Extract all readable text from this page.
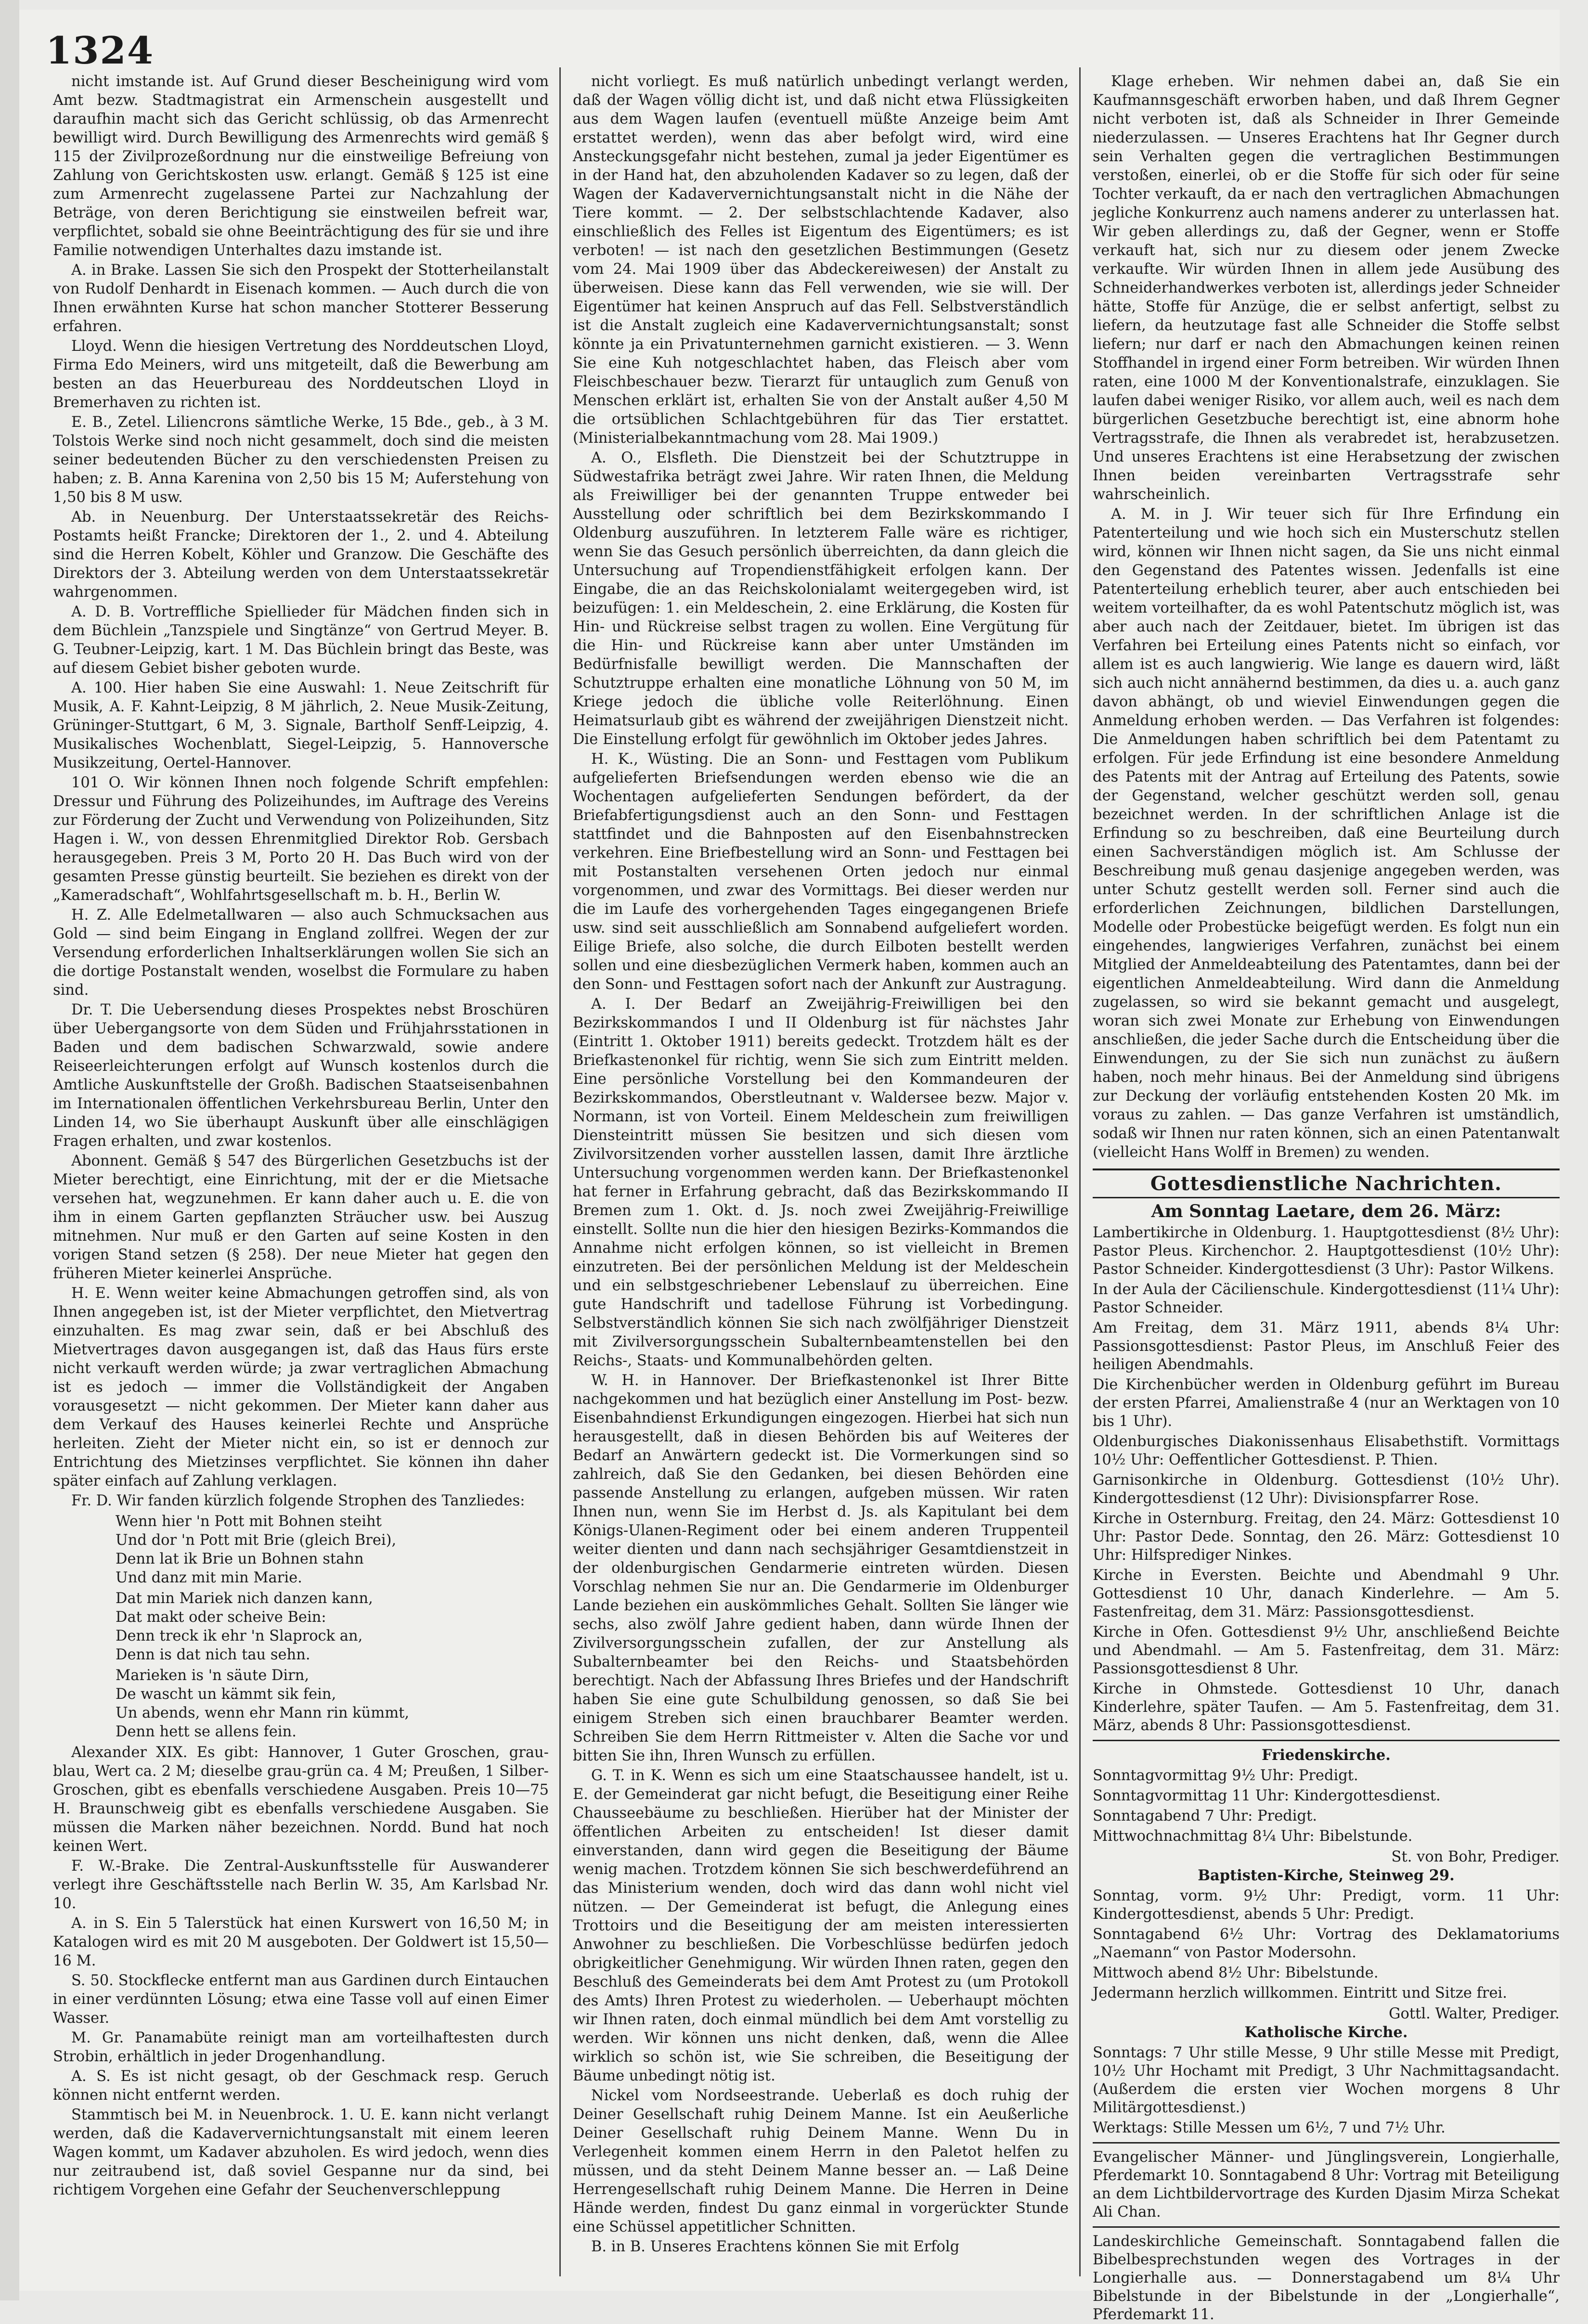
1324

nicht imstande ist. Auf Grund dieser Bescheinigung wird vom Amt bezw. Stadtmagistrat ein Armenschein ausgestellt und daraufhin macht sich das Gericht schlüssig, ob das Armenrecht bewilligt wird. Durch Bewilligung des Armenrechts wird gemäß § 115 der Zivilprozeßordnung nur die einstweilige Befreiung von Zahlung von Gerichtskosten usw. erlangt. Gemäß § 125 ist eine zum Armenrecht zugelassene Partei zur Nachzahlung der Beträge, von deren Berichtigung sie einstweilen befreit war, verpflichtet, sobald sie ohne Beeinträchtigung des für sie und ihre Familie notwendigen Unterhaltes dazu imstande ist.

A. in Brake. Lassen Sie sich den Prospekt der Stotterheilanstalt von Rudolf Denhardt in Eisenach kommen. — Auch durch die von Ihnen erwähnten Kurse hat schon mancher Stotterer Besserung erfahren.

Lloyd. Wenn die hiesigen Vertretung des Norddeutschen Lloyd, Firma Edo Meiners, wird uns mitgeteilt, daß die Bewerbung am besten an das Heuerbureau des Norddeutschen Lloyd in Bremerhaven zu richten ist.

E. B., Zetel. Liliencrons sämtliche Werke, 15 Bde., geb., à 3 M. Tolstois Werke sind noch nicht gesammelt, doch sind die meisten seiner bedeutenden Bücher zu den verschiedensten Preisen zu haben; z. B. Anna Karenina von 2,50 bis 15 M; Auferstehung von 1,50 bis 8 M usw.

Ab. in Neuenburg. Der Unterstaatssekretär des Reichs-Postamts heißt Francke; Direktoren der 1., 2. und 4. Abteilung sind die Herren Kobelt, Köhler und Granzow. Die Geschäfte des Direktors der 3. Abteilung werden von dem Unterstaatssekretär wahrgenommen.

A. D. B. Vortreffliche Spiellieder für Mädchen finden sich in dem Büchlein „Tanzspiele und Singtänze“ von Gertrud Meyer. B. G. Teubner-Leipzig, kart. 1 M. Das Büchlein bringt das Beste, was auf diesem Gebiet bisher geboten wurde.

A. 100. Hier haben Sie eine Auswahl: 1. Neue Zeitschrift für Musik, A. F. Kahnt-Leipzig, 8 M jährlich, 2. Neue Musik-Zeitung, Grüninger-Stuttgart, 6 M, 3. Signale, Bartholf Senff-Leipzig, 4. Musikalisches Wochenblatt, Siegel-Leipzig, 5. Hannoversche Musikzeitung, Oertel-Hannover.

101 O. Wir können Ihnen noch folgende Schrift empfehlen: Dressur und Führung des Polizeihundes, im Auftrage des Vereins zur Förderung der Zucht und Verwendung von Polizeihunden, Sitz Hagen i. W., von dessen Ehrenmitglied Direktor Rob. Gersbach herausgegeben. Preis 3 M, Porto 20 H. Das Buch wird von der gesamten Presse günstig beurteilt. Sie beziehen es direkt von der „Kameradschaft“, Wohlfahrtsgesellschaft m. b. H., Berlin W.

H. Z. Alle Edelmetallwaren — also auch Schmucksachen aus Gold — sind beim Eingang in England zollfrei. Wegen der zur Versendung erforderlichen Inhaltserklärungen wollen Sie sich an die dortige Postanstalt wenden, woselbst die Formulare zu haben sind.

Dr. T. Die Uebersendung dieses Prospektes nebst Broschüren über Uebergangsorte von dem Süden und Frühjahrsstationen in Baden und dem badischen Schwarzwald, sowie andere Reiseerleichterungen erfolgt auf Wunsch kostenlos durch die Amtliche Auskunftstelle der Großh. Badischen Staatseisenbahnen im Internationalen öffentlichen Verkehrsbureau Berlin, Unter den Linden 14, wo Sie überhaupt Auskunft über alle einschlägigen Fragen erhalten, und zwar kostenlos.

Abonnent. Gemäß § 547 des Bürgerlichen Gesetzbuchs ist der Mieter berechtigt, eine Einrichtung, mit der er die Mietsache versehen hat, wegzunehmen. Er kann daher auch u. E. die von ihm in einem Garten gepflanzten Sträucher usw. bei Auszug mitnehmen. Nur muß er den Garten auf seine Kosten in den vorigen Stand setzen (§ 258). Der neue Mieter hat gegen den früheren Mieter keinerlei Ansprüche.

H. E. Wenn weiter keine Abmachungen getroffen sind, als von Ihnen angegeben ist, ist der Mieter verpflichtet, den Mietvertrag einzuhalten. Es mag zwar sein, daß er bei Abschluß des Mietvertrages davon ausgegangen ist, daß das Haus fürs erste nicht verkauft werden würde; ja zwar vertraglichen Abmachung ist es jedoch — immer die Vollständigkeit der Angaben vorausgesetzt — nicht gekommen. Der Mieter kann daher aus dem Verkauf des Hauses keinerlei Rechte und Ansprüche herleiten. Zieht der Mieter nicht ein, so ist er dennoch zur Entrichtung des Mietzinses verpflichtet. Sie können ihn daher später einfach auf Zahlung verklagen.

Fr. D. Wir fanden kürzlich folgende Strophen des Tanzliedes:

Wenn hier 'n Pott mit Bohnen steiht
Und dor 'n Pott mit Brie (gleich Brei),
Denn lat ik Brie un Bohnen stahn
Und danz mit min Marie.
Dat min Mariek nich danzen kann,
Dat makt oder scheive Bein:
Denn treck ik ehr 'n Slaprock an,
Denn is dat nich tau sehn.
Marieken is 'n säute Dirn,
De wascht un kämmt sik fein,
Un abends, wenn ehr Mann rin kümmt,
Denn hett se allens fein.

Alexander XIX. Es gibt: Hannover, 1 Guter Groschen, grau-blau, Wert ca. 2 M; dieselbe grau-grün ca. 4 M; Preußen, 1 Silber-Groschen, gibt es ebenfalls verschiedene Ausgaben. Preis 10—75 H. Braunschweig gibt es ebenfalls verschiedene Ausgaben. Sie müssen die Marken näher bezeichnen. Nordd. Bund hat noch keinen Wert.

F. W.-Brake. Die Zentral-Auskunftsstelle für Auswanderer verlegt ihre Geschäftsstelle nach Berlin W. 35, Am Karlsbad Nr. 10.

A. in S. Ein 5 Talerstück hat einen Kurswert von 16,50 M; in Katalogen wird es mit 20 M ausgeboten. Der Goldwert ist 15,50—16 M.

S. 50. Stockflecke entfernt man aus Gardinen durch Eintauchen in einer verdünnten Lösung; etwa eine Tasse voll auf einen Eimer Wasser.

M. Gr. Panamabüte reinigt man am vorteilhaftesten durch Strobin, erhältlich in jeder Drogenhandlung.

A. S. Es ist nicht gesagt, ob der Geschmack resp. Geruch können nicht entfernt werden.

Stammtisch bei M. in Neuenbrock. 1. U. E. kann nicht verlangt werden, daß die Kadaververnichtungsanstalt mit einem leeren Wagen kommt, um Kadaver abzuholen. Es wird jedoch, wenn dies nur zeitraubend ist, daß soviel Gespanne nur da sind, bei richtigem Vorgehen eine Gefahr der Seuchenverschleppung

nicht vorliegt. Es muß natürlich unbedingt verlangt werden, daß der Wagen völlig dicht ist, und daß nicht etwa Flüssigkeiten aus dem Wagen laufen (eventuell müßte Anzeige beim Amt erstattet werden), wenn das aber befolgt wird, wird eine Ansteckungsgefahr nicht bestehen, zumal ja jeder Eigentümer es in der Hand hat, den abzuholenden Kadaver so zu legen, daß der Wagen der Kadaververnichtungsanstalt nicht in die Nähe der Tiere kommt. — 2. Der selbstschlachtende Kadaver, also einschließlich des Felles ist Eigentum des Eigentümers; es ist verboten! — ist nach den gesetzlichen Bestimmungen (Gesetz vom 24. Mai 1909 über das Abdeckereiwesen) der Anstalt zu überweisen. Diese kann das Fell verwenden, wie sie will. Der Eigentümer hat keinen Anspruch auf das Fell. Selbstverständlich ist die Anstalt zugleich eine Kadaververnichtungsanstalt; sonst könnte ja ein Privatunternehmen garnicht existieren. — 3. Wenn Sie eine Kuh notgeschlachtet haben, das Fleisch aber vom Fleischbeschauer bezw. Tierarzt für untauglich zum Genuß von Menschen erklärt ist, erhalten Sie von der Anstalt außer 4,50 M die ortsüblichen Schlachtgebühren für das Tier erstattet. (Ministerialbekanntmachung vom 28. Mai 1909.)

A. O., Elsfleth. Die Dienstzeit bei der Schutztruppe in Südwestafrika beträgt zwei Jahre. Wir raten Ihnen, die Meldung als Freiwilliger bei der genannten Truppe entweder bei Ausstellung oder schriftlich bei dem Bezirkskommando I Oldenburg auszuführen. In letzterem Falle wäre es richtiger, wenn Sie das Gesuch persönlich überreichten, da dann gleich die Untersuchung auf Tropendienstfähigkeit erfolgen kann. Der Eingabe, die an das Reichskolonialamt weitergegeben wird, ist beizufügen: 1. ein Meldeschein, 2. eine Erklärung, die Kosten für Hin- und Rückreise selbst tragen zu wollen. Eine Vergütung für die Hin- und Rückreise kann aber unter Umständen im Bedürfnisfalle bewilligt werden. Die Mannschaften der Schutztruppe erhalten eine monatliche Löhnung von 50 M, im Kriege jedoch die übliche volle Reiterlöhnung. Einen Heimatsurlaub gibt es während der zweijährigen Dienstzeit nicht. Die Einstellung erfolgt für gewöhnlich im Oktober jedes Jahres.

H. K., Wüsting. Die an Sonn- und Festtagen vom Publikum aufgelieferten Briefsendungen werden ebenso wie die an Wochentagen aufgelieferten Sendungen befördert, da der Briefabfertigungsdienst auch an den Sonn- und Festtagen stattfindet und die Bahnposten auf den Eisenbahnstrecken verkehren. Eine Briefbestellung wird an Sonn- und Festtagen bei mit Postanstalten versehenen Orten jedoch nur einmal vorgenommen, und zwar des Vormittags. Bei dieser werden nur die im Laufe des vorhergehenden Tages eingegangenen Briefe usw. sind seit ausschließlich am Sonnabend aufgeliefert worden. Eilige Briefe, also solche, die durch Eilboten bestellt werden sollen und eine diesbezüglichen Vermerk haben, kommen auch an den Sonn- und Festtagen sofort nach der Ankunft zur Austragung.

A. I. Der Bedarf an Zweijährig-Freiwilligen bei den Bezirkskommandos I und II Oldenburg ist für nächstes Jahr (Eintritt 1. Oktober 1911) bereits gedeckt. Trotzdem hält es der Briefkastenonkel für richtig, wenn Sie sich zum Eintritt melden. Eine persönliche Vorstellung bei den Kommandeuren der Bezirkskommandos, Oberstleutnant v. Waldersee bezw. Major v. Normann, ist von Vorteil. Einem Meldeschein zum freiwilligen Diensteintritt müssen Sie besitzen und sich diesen vom Zivilvorsitzenden vorher ausstellen lassen, damit Ihre ärztliche Untersuchung vorgenommen werden kann. Der Briefkastenonkel hat ferner in Erfahrung gebracht, daß das Bezirkskommando II Bremen zum 1. Okt. d. Js. noch zwei Zweijährig-Freiwillige einstellt. Sollte nun die hier den hiesigen Bezirks-Kommandos die Annahme nicht erfolgen können, so ist vielleicht in Bremen einzutreten. Bei der persönlichen Meldung ist der Meldeschein und ein selbstgeschriebener Lebenslauf zu überreichen. Eine gute Handschrift und tadellose Führung ist Vorbedingung. Selbstverständlich können Sie sich nach zwölfjähriger Dienstzeit mit Zivilversorgungsschein Subalternbeamtenstellen bei den Reichs-, Staats- und Kommunalbehörden gelten.

W. H. in Hannover. Der Briefkastenonkel ist Ihrer Bitte nachgekommen und hat bezüglich einer Anstellung im Post- bezw. Eisenbahndienst Erkundigungen eingezogen. Hierbei hat sich nun herausgestellt, daß in diesen Behörden bis auf Weiteres der Bedarf an Anwärtern gedeckt ist. Die Vormerkungen sind so zahlreich, daß Sie den Gedanken, bei diesen Behörden eine passende Anstellung zu erlangen, aufgeben müssen. Wir raten Ihnen nun, wenn Sie im Herbst d. Js. als Kapitulant bei dem Königs-Ulanen-Regiment oder bei einem anderen Truppenteil weiter dienten und dann nach sechsjähriger Gesamtdienstzeit in der oldenburgischen Gendarmerie eintreten würden. Diesen Vorschlag nehmen Sie nur an. Die Gendarmerie im Oldenburger Lande beziehen ein auskömmliches Gehalt. Sollten Sie länger wie sechs, also zwölf Jahre gedient haben, dann würde Ihnen der Zivilversorgungsschein zufallen, der zur Anstellung als Subalternbeamter bei den Reichs- und Staatsbehörden berechtigt. Nach der Abfassung Ihres Briefes und der Handschrift haben Sie eine gute Schulbildung genossen, so daß Sie bei einigem Streben sich einen brauchbarer Beamter werden. Schreiben Sie dem Herrn Rittmeister v. Alten die Sache vor und bitten Sie ihn, Ihren Wunsch zu erfüllen.

G. T. in K. Wenn es sich um eine Staatschaussee handelt, ist u. E. der Gemeinderat gar nicht befugt, die Beseitigung einer Reihe Chausseebäume zu beschließen. Hierüber hat der Minister der öffentlichen Arbeiten zu entscheiden! Ist dieser damit einverstanden, dann wird gegen die Beseitigung der Bäume wenig machen. Trotzdem können Sie sich beschwerdeführend an das Ministerium wenden, doch wird das dann wohl nicht viel nützen. — Der Gemeinderat ist befugt, die Anlegung eines Trottoirs und die Beseitigung der am meisten interessierten Anwohner zu beschließen. Die Vorbeschlüsse bedürfen jedoch obrigkeitlicher Genehmigung. Wir würden Ihnen raten, gegen den Beschluß des Gemeinderats bei dem Amt Protest zu (um Protokoll des Amts) Ihren Protest zu wiederholen. — Ueberhaupt möchten wir Ihnen raten, doch einmal mündlich bei dem Amt vorstellig zu werden. Wir können uns nicht denken, daß, wenn die Allee wirklich so schön ist, wie Sie schreiben, die Beseitigung der Bäume unbedingt nötig ist.

Nickel vom Nordseestrande. Ueberlaß es doch ruhig der Deiner Gesellschaft ruhig Deinem Manne. Ist ein Aeußerliche Deiner Gesellschaft ruhig Deinem Manne. Wenn Du in Verlegenheit kommen einem Herrn in den Paletot helfen zu müssen, und da steht Deinem Manne besser an. — Laß Deine Herrengesellschaft ruhig Deinem Manne. Die Herren in Deine Hände werden, findest Du ganz einmal in vorgerückter Stunde eine Schüssel appetitlicher Schnitten.

B. in B. Unseres Erachtens können Sie mit Erfolg

Klage erheben. Wir nehmen dabei an, daß Sie ein Kaufmannsgeschäft erworben haben, und daß Ihrem Gegner nicht verboten ist, daß als Schneider in Ihrer Gemeinde niederzulassen. — Unseres Erachtens hat Ihr Gegner durch sein Verhalten gegen die vertraglichen Bestimmungen verstoßen, einerlei, ob er die Stoffe für sich oder für seine Tochter verkauft, da er nach den vertraglichen Abmachungen jegliche Konkurrenz auch namens anderer zu unterlassen hat. Wir geben allerdings zu, daß der Gegner, wenn er Stoffe verkauft hat, sich nur zu diesem oder jenem Zwecke verkaufte. Wir würden Ihnen in allem jede Ausübung des Schneiderhandwerkes verboten ist, allerdings jeder Schneider hätte, Stoffe für Anzüge, die er selbst anfertigt, selbst zu liefern, da heutzutage fast alle Schneider die Stoffe selbst liefern; nur darf er nach den Abmachungen keinen reinen Stoffhandel in irgend einer Form betreiben. Wir würden Ihnen raten, eine 1000 M der Konventionalstrafe, einzuklagen. Sie laufen dabei weniger Risiko, vor allem auch, weil es nach dem bürgerlichen Gesetzbuche berechtigt ist, eine abnorm hohe Vertragsstrafe, die Ihnen als verabredet ist, herabzusetzen. Und unseres Erachtens ist eine Herabsetzung der zwischen Ihnen beiden vereinbarten Vertragsstrafe sehr wahrscheinlich.

A. M. in J. Wir teuer sich für Ihre Erfindung ein Patenterteilung und wie hoch sich ein Musterschutz stellen wird, können wir Ihnen nicht sagen, da Sie uns nicht einmal den Gegenstand des Patentes wissen. Jedenfalls ist eine Patenterteilung erheblich teurer, aber auch entschieden bei weitem vorteilhafter, da es wohl Patentschutz möglich ist, was aber auch nach der Zeitdauer, bietet. Im übrigen ist das Verfahren bei Erteilung eines Patents nicht so einfach, vor allem ist es auch langwierig. Wie lange es dauern wird, läßt sich auch nicht annähernd bestimmen, da dies u. a. auch ganz davon abhängt, ob und wieviel Einwendungen gegen die Anmeldung erhoben werden. — Das Verfahren ist folgendes: Die Anmeldungen haben schriftlich bei dem Patentamt zu erfolgen. Für jede Erfindung ist eine besondere Anmeldung des Patents mit der Antrag auf Erteilung des Patents, sowie der Gegenstand, welcher geschützt werden soll, genau bezeichnet werden. In der schriftlichen Anlage ist die Erfindung so zu beschreiben, daß eine Beurteilung durch einen Sachverständigen möglich ist. Am Schlusse der Beschreibung muß genau dasjenige angegeben werden, was unter Schutz gestellt werden soll. Ferner sind auch die erforderlichen Zeichnungen, bildlichen Darstellungen, Modelle oder Probestücke beigefügt werden. Es folgt nun ein eingehendes, langwieriges Verfahren, zunächst bei einem Mitglied der Anmeldeabteilung des Patentamtes, dann bei der eigentlichen Anmeldeabteilung. Wird dann die Anmeldung zugelassen, so wird sie bekannt gemacht und ausgelegt, woran sich zwei Monate zur Erhebung von Einwendungen anschließen, die jeder Sache durch die Entscheidung über die Einwendungen, zu der Sie sich nun zunächst zu äußern haben, noch mehr hinaus. Bei der Anmeldung sind übrigens zur Deckung der vorläufig entstehenden Kosten 20 Mk. im voraus zu zahlen. — Das ganze Verfahren ist umständlich, sodaß wir Ihnen nur raten können, sich an einen Patentanwalt (vielleicht Hans Wolff in Bremen) zu wenden.

Gottesdienstliche Nachrichten.
Am Sonntag Laetare, dem 26. März:
Lambertikirche in Oldenburg. 1. Hauptgottesdienst (8½ Uhr): Pastor Pleus. Kirchenchor. 2. Hauptgottesdienst (10½ Uhr): Pastor Schneider. Kindergottesdienst (3 Uhr): Pastor Wilkens.
In der Aula der Cäcilienschule. Kindergottesdienst (11¼ Uhr): Pastor Schneider.
Am Freitag, dem 31. März 1911, abends 8¼ Uhr: Passionsgottesdienst: Pastor Pleus, im Anschluß Feier des heiligen Abendmahls.
Die Kirchenbücher werden in Oldenburg geführt im Bureau der ersten Pfarrei, Amalienstraße 4 (nur an Werktagen von 10 bis 1 Uhr).
Oldenburgisches Diakonissenhaus Elisabethstift. Vormittags 10½ Uhr: Oeffentlicher Gottesdienst. P. Thien.
Garnisonkirche in Oldenburg. Gottesdienst (10½ Uhr). Kindergottesdienst (12 Uhr): Divisionspfarrer Rose.
Kirche in Osternburg. Freitag, den 24. März: Gottesdienst 10 Uhr: Pastor Dede. Sonntag, den 26. März: Gottesdienst 10 Uhr: Hilfsprediger Ninkes.
Kirche in Eversten. Beichte und Abendmahl 9 Uhr. Gottesdienst 10 Uhr, danach Kinderlehre. — Am 5. Fastenfreitag, dem 31. März: Passionsgottesdienst.
Kirche in Ofen. Gottesdienst 9½ Uhr, anschließend Beichte und Abendmahl. — Am 5. Fastenfreitag, dem 31. März: Passionsgottesdienst 8 Uhr.
Kirche in Ohmstede. Gottesdienst 10 Uhr, danach Kinderlehre, später Taufen. — Am 5. Fastenfreitag, dem 31. März, abends 8 Uhr: Passionsgottesdienst.
Friedenskirche.
Sonntagvormittag 9½ Uhr: Predigt.
Sonntagvormittag 11 Uhr: Kindergottesdienst.
Sonntagabend 7 Uhr: Predigt.
Mittwochnachmittag 8¼ Uhr: Bibelstunde.
St. von Bohr, Prediger.
Baptisten-Kirche, Steinweg 29.
Sonntag, vorm. 9½ Uhr: Predigt, vorm. 11 Uhr: Kindergottesdienst, abends 5 Uhr: Predigt.
Sonntagabend 6½ Uhr: Vortrag des Deklamatoriums „Naemann“ von Pastor Modersohn.
Mittwoch abend 8½ Uhr: Bibelstunde.
Jedermann herzlich willkommen. Eintritt und Sitze frei.
Gottl. Walter, Prediger.
Katholische Kirche.
Sonntags: 7 Uhr stille Messe, 9 Uhr stille Messe mit Predigt, 10½ Uhr Hochamt mit Predigt, 3 Uhr Nachmittagsandacht. (Außerdem die ersten vier Wochen morgens 8 Uhr Militärgottesdienst.)
Werktags: Stille Messen um 6½, 7 und 7½ Uhr.
Evangelischer Männer- und Jünglingsverein, Longierhalle, Pferdemarkt 10. Sonntagabend 8 Uhr: Vortrag mit Beteiligung an dem Lichtbildervortrage des Kurden Djasim Mirza Schekat Ali Chan.
Landeskirchliche Gemeinschaft. Sonntagabend fallen die Bibelbesprechstunden wegen des Vortrages in der Longierhalle aus. — Donnerstagabend um 8¼ Uhr Bibelstunde in der Bibelstunde in der „Longierhalle“, Pferdemarkt 11.
